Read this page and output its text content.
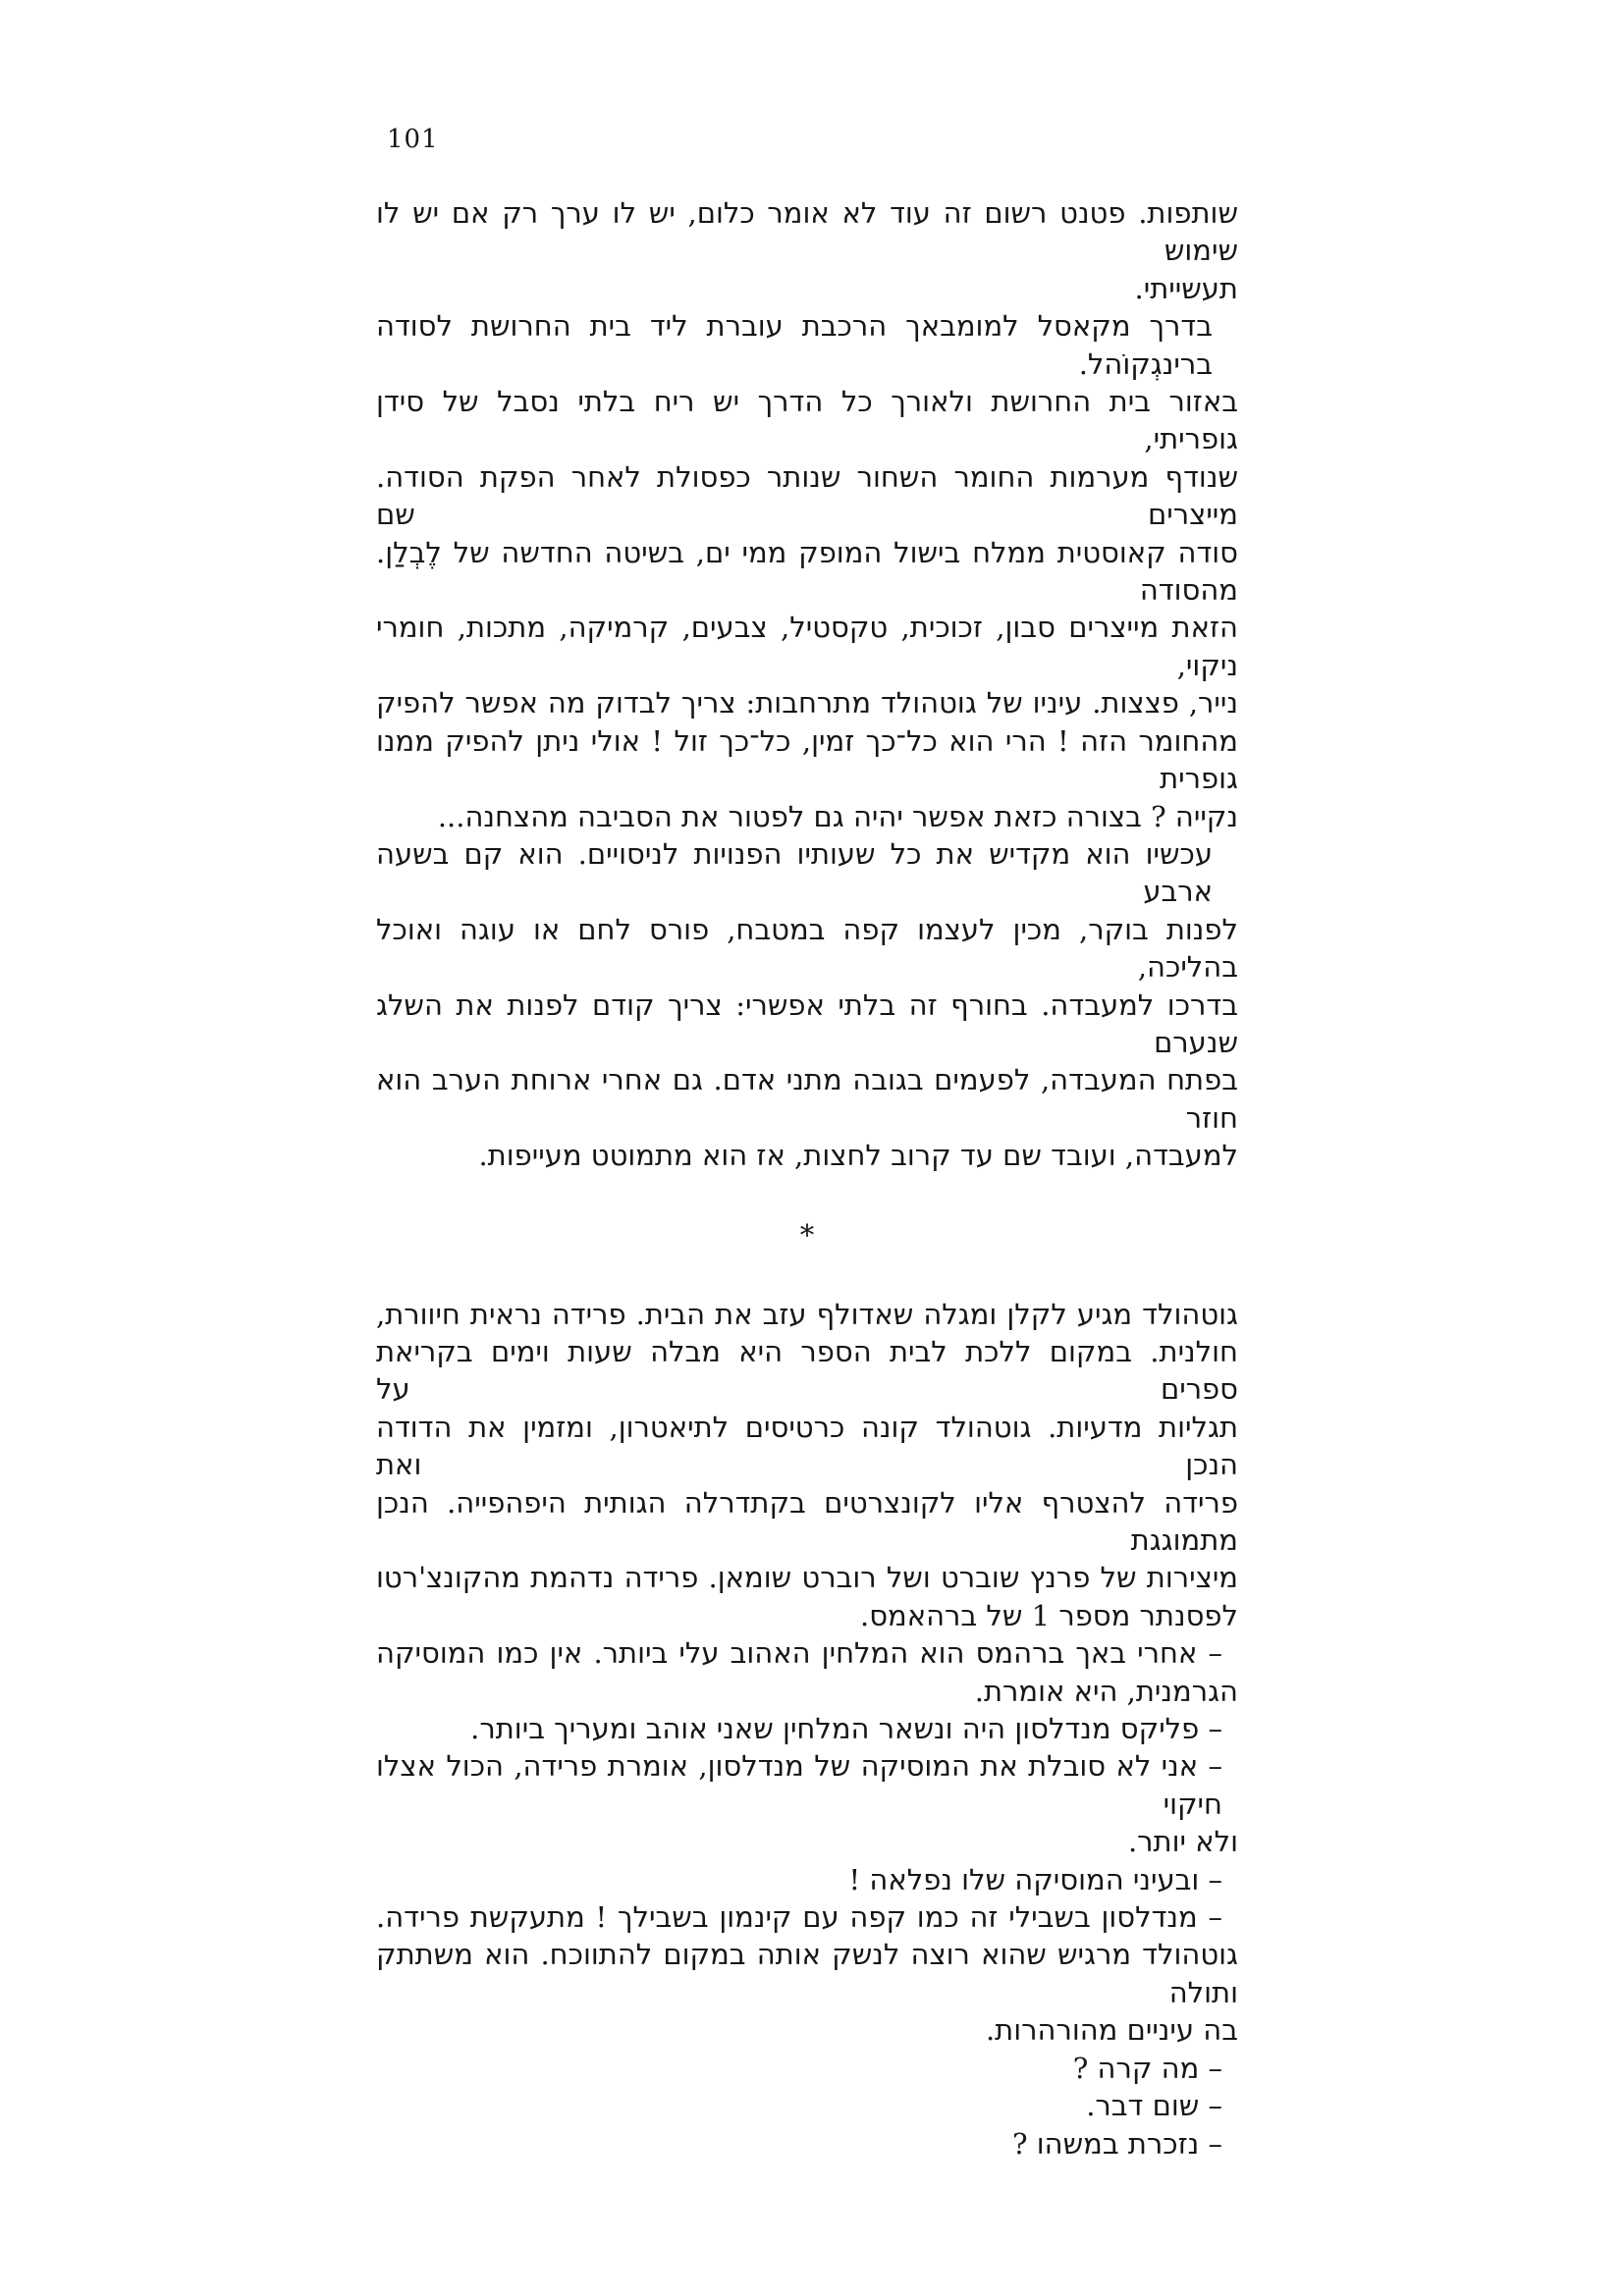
101
שותפות. פטנט רשום זה עוד לא אומר כלום, יש לו ערך רק אם יש לו שימוש
תעשייתי.
בדרך מקאסל למומבאך הרכבת עוברת ליד בית החרושת לסודה ברינגְקוֹהל.
באזור בית החרושת ולאורך כל הדרך יש ריח בלתי נסבל של סידן גופריתי,
שנודף מערמות החומר השחור שנותר כפסולת לאחר הפקת הסודה. מייצרים שם
סודה קאוסטית ממלח בישול המופק ממי ים, בשיטה החדשה של לֶבְלַן. מהסודה
הזאת מייצרים סבון, זכוכית, טקסטיל, צבעים, קרמיקה, מתכות, חומרי ניקוי,
נייר, פצצות. עיניו של גוטהולד מתרחבות: צריך לבדוק מה אפשר להפיק
מהחומר הזה ! הרי הוא כל־כך זמין, כל־כך זול ! אולי ניתן להפיק ממנו גופרית
נקייה ? בצורה כזאת אפשר יהיה גם לפטור את הסביבה מהצחנה...
עכשיו הוא מקדיש את כל שעותיו הפנויות לניסויים. הוא קם בשעה ארבע
לפנות בוקר, מכין לעצמו קפה במטבח, פורס לחם או עוגה ואוכל בהליכה,
בדרכו למעבדה. בחורף זה בלתי אפשרי: צריך קודם לפנות את השלג שנערם
בפתח המעבדה, לפעמים בגובה מתני אדם. גם אחרי ארוחת הערב הוא חוזר
למעבדה, ועובד שם עד קרוב לחצות, אז הוא מתמוטט מעייפות.
*
גוטהולד מגיע לקלן ומגלה שאדולף עזב את הבית. פרידה נראית חיוורת,
חולנית. במקום ללכת לבית הספר היא מבלה שעות וימים בקריאת ספרים על
תגליות מדעיות. גוטהולד קונה כרטיסים לתיאטרון, ומזמין את הדודה הנכן ואת
פרידה להצטרף אליו לקונצרטים בקתדרלה הגותית היפהפייה. הנכן מתמוגגת
מיצירות של פרנץ שוברט ושל רוברט שומאן. פרידה נדהמת מהקונצ'רטו
לפסנתר מספר 1 של ברהאמס.
– אחרי באך ברהמס הוא המלחין האהוב עלי ביותר. אין כמו המוסיקה
הגרמנית, היא אומרת.
– פליקס מנדלסון היה ונשאר המלחין שאני אוהב ומעריך ביותר.
– אני לא סובלת את המוסיקה של מנדלסון, אומרת פרידה, הכול אצלו חיקוי
ולא יותר.
– ובעיני המוסיקה שלו נפלאה !
– מנדלסון בשבילי זה כמו קפה עם קינמון בשבילך ! מתעקשת פרידה.
גוטהולד מרגיש שהוא רוצה לנשק אותה במקום להתווכח. הוא משתתק ותולה
בה עיניים מהורהרות.
– מה קרה ?
– שום דבר.
– נזכרת במשהו ?
